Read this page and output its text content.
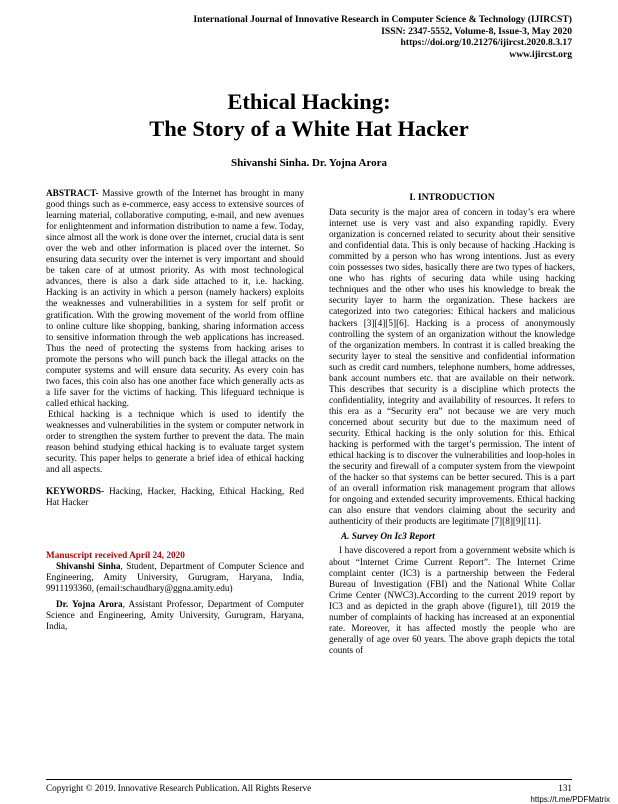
International Journal of Innovative Research in Computer Science & Technology (IJIRCST)
ISSN: 2347-5552, Volume-8, Issue-3, May 2020
https://doi.org/10.21276/ijircst.2020.8.3.17
www.ijircst.org
Ethical Hacking:
The Story of a White Hat Hacker
Shivanshi Sinha. Dr. Yojna Arora

ABSTRACT- Massive growth of the Internet has brought in many good things such as e-commerce, easy access to extensive sources of learning material, collaborative computing, e-mail, and new avenues for enlightenment and information distribution to name a few. Today, since almost all the work is done over the internet, crucial data is sent over the web and other information is placed over the internet. So ensuring data security over the internet is very important and should be taken care of at utmost priority. As with most technological advances, there is also a dark side attached to it, i.e. hacking. Hacking is an activity in which a person (namely hackers) exploits the weaknesses and vulnerabilities in a system for self profit or gratification. With the growing movement of the world from offline to online culture like shopping, banking, sharing information access to sensitive information through the web applications has increased. Thus the need of protecting the systems from hacking arises to promote the persons who will punch back the illegal attacks on the computer systems and will ensure data security. As every coin has two faces, this coin also has one another face which generally acts as a life saver for the victims of hacking. This lifeguard technique is called ethical hacking.

Ethical hacking is a technique which is used to identify the weaknesses and vulnerabilities in the system or computer network in order to strengthen the system further to prevent the data. The main reason behind studying ethical hacking is to evaluate target system security. This paper helps to generate a brief idea of ethical hacking and all aspects.

KEYWORDS- Hacking, Hacker, Hacking, Ethical Hacking, Red Hat Hacker

Manuscript received April 24, 2020

Shivanshi Sinha, Student, Department of Computer Science and Engineering, Amity University, Gurugram, Haryana, India, 9911193360, (email:schaudhary@ggna.amity.edu)

Dr. Yojna Arora, Assistant Professor, Department of Computer Science and Engineering, Amity University, Gurugram, Haryana, India,

I. INTRODUCTION

Data security is the major area of concern in today’s era where internet use is very vast and also expanding rapidly. Every organization is concerned related to security about their sensitive and confidential data. This is only because of hacking .Hacking is committed by a person who has wrong intentions. Just as every coin possesses two sides, basically there are two types of hackers, one who has rights of securing data while using hacking techniques and the other who uses his knowledge to break the security layer to harm the organization. These hackers are categorized into two categories: Ethical hackers and malicious hackers [3][4][5][6]. Hacking is a process of anonymously controlling the system of an organization without the knowledge of the organization members. In contrast it is called breaking the security layer to steal the sensitive and confidential information such as credit card numbers, telephone numbers, home addresses, bank account numbers etc. that are available on their network. This describes that security is a discipline which protects the confidentiality, integrity and availability of resources. It refers to this era as a “Security era” not because we are very much concerned about security but due to the maximum need of security. Ethical hacking is the only solution for this. Ethical hacking is performed with the target’s permission. The intent of ethical hacking is to discover the vulnerabilities and loop-holes in the security and firewall of a computer system from the viewpoint of the hacker so that systems can be better secured. This is a part of an overall information risk management program that allows for ongoing and extended security improvements. Ethical hacking can also ensure that vendors claiming about the security and authenticity of their products are legitimate [7][8][9][11].

A. Survey On Ic3 Report

I have discovered a report from a government website which is about “Internet Crime Current Report”. The Internet Crime complaint center (IC3) is a partnership between the Federal Bureau of Investigation (FBI) and the National White Collar Crime Center (NWC3).According to the current 2019 report by IC3 and as depicted in the graph above (figure1), till 2019 the number of complaints of hacking has increased at an exponential rate. Moreover, it has affected mostly the people who are generally of age over 60 years. The above graph depicts the total counts of

Copyright © 2019. Innovative Research Publication. All Rights Reserve	131
https://t.me/PDFMatrix
